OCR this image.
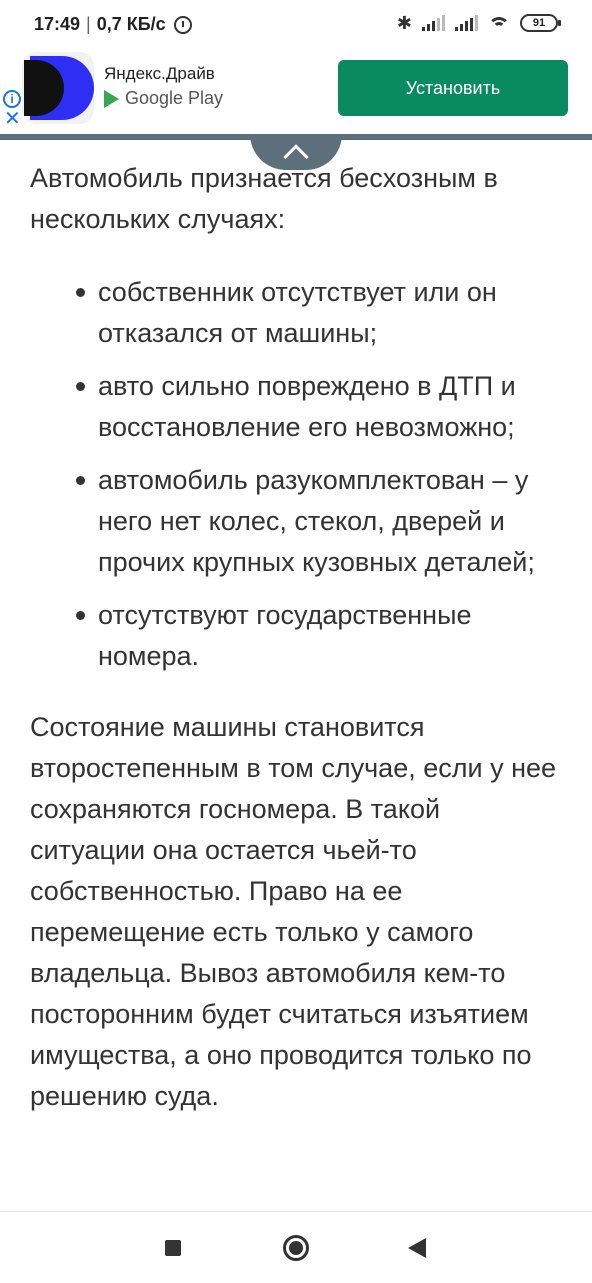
17:49 | 0,7 КБ/с	✱	91
i
✕
Яндекс.Драйв
Google Play
Установить

Автомобиль признается бесхозным в нескольких случаях:

собственник отсутствует или он отказался от машины;
авто сильно повреждено в ДТП и восстановление его невозможно;
автомобиль разукомплектован – у него нет колес, стекол, дверей и прочих крупных кузовных деталей;
отсутствуют государственные номера.

Состояние машины становится второстепенным в том случае, если у нее сохраняются госномера. В такой ситуации она остается чьей-то собственностью. Право на ее перемещение есть только у самого владельца. Вывоз автомобиля кем-то посторонним будет считаться изъятием имущества, а оно проводится только по решению суда.
